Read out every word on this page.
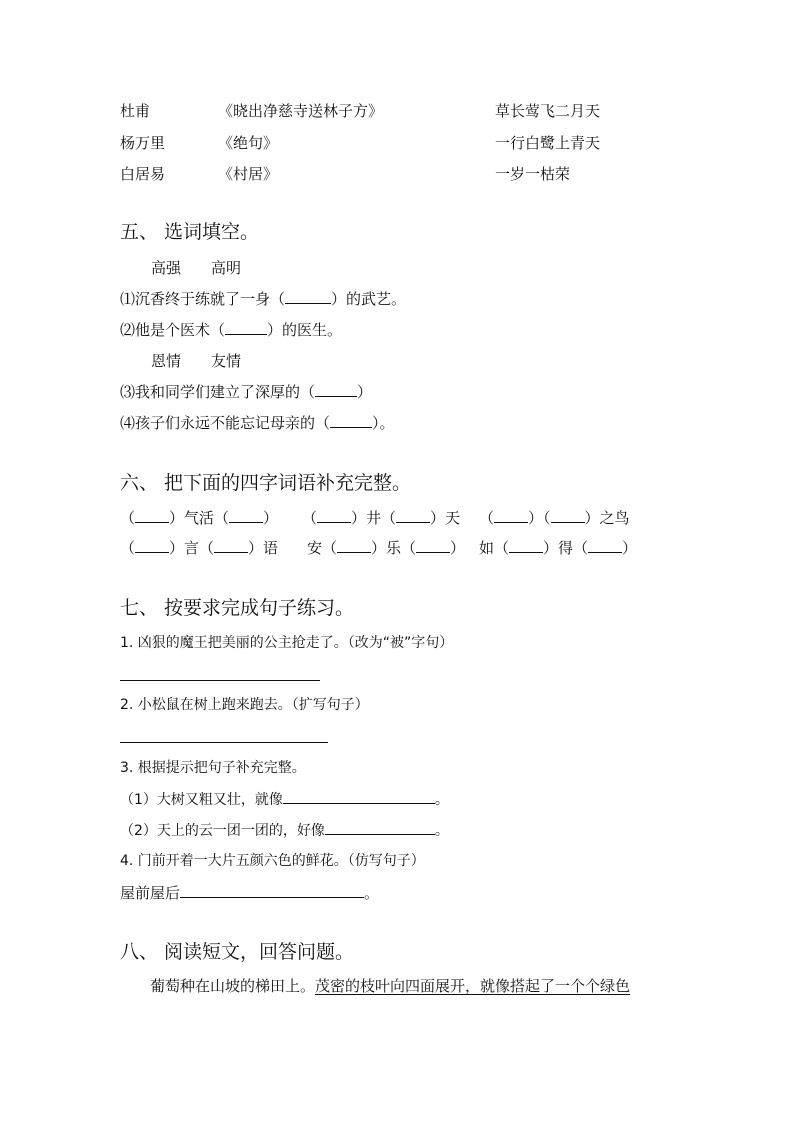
杜甫	《晓出净慈寺送林子方》	草长莺飞二月天
杨万里	《绝句》	一行白鹭上青天
白居易	《村居》	一岁一枯荣
五、 选词填空。
高强　　高明
⑴沉香终于练就了一身（	）的武艺。
⑵他是个医术（	）的医生。
恩情　　友情
⑶我和同学们建立了深厚的（	）
⑷孩子们永远不能忘记母亲的（	）。
六、 把下面的四字词语补充完整。
（ ）气活（ ） （ ）井（ ）天 （ ）（ ）之鸟
（ ）言（ ）语 安（ ）乐（ ） 如（ ）得（ ）
七、 按要求完成句子练习。
1. 凶狠的魔王把美丽的公主抢走了。（改为“被”字句）
2. 小松鼠在树上跑来跑去。（扩写句子）
3. 根据提示把句子补充完整。
（1）大树又粗又壮，就像	。
（2）天上的云一团一团的，好像	。
4. 门前开着一大片五颜六色的鲜花。（仿写句子）
屋前屋后	。
八、 阅读短文，回答问题。
葡萄种在山坡的梯田上。茂密的枝叶向四面展开，就像搭起了一个个绿色
